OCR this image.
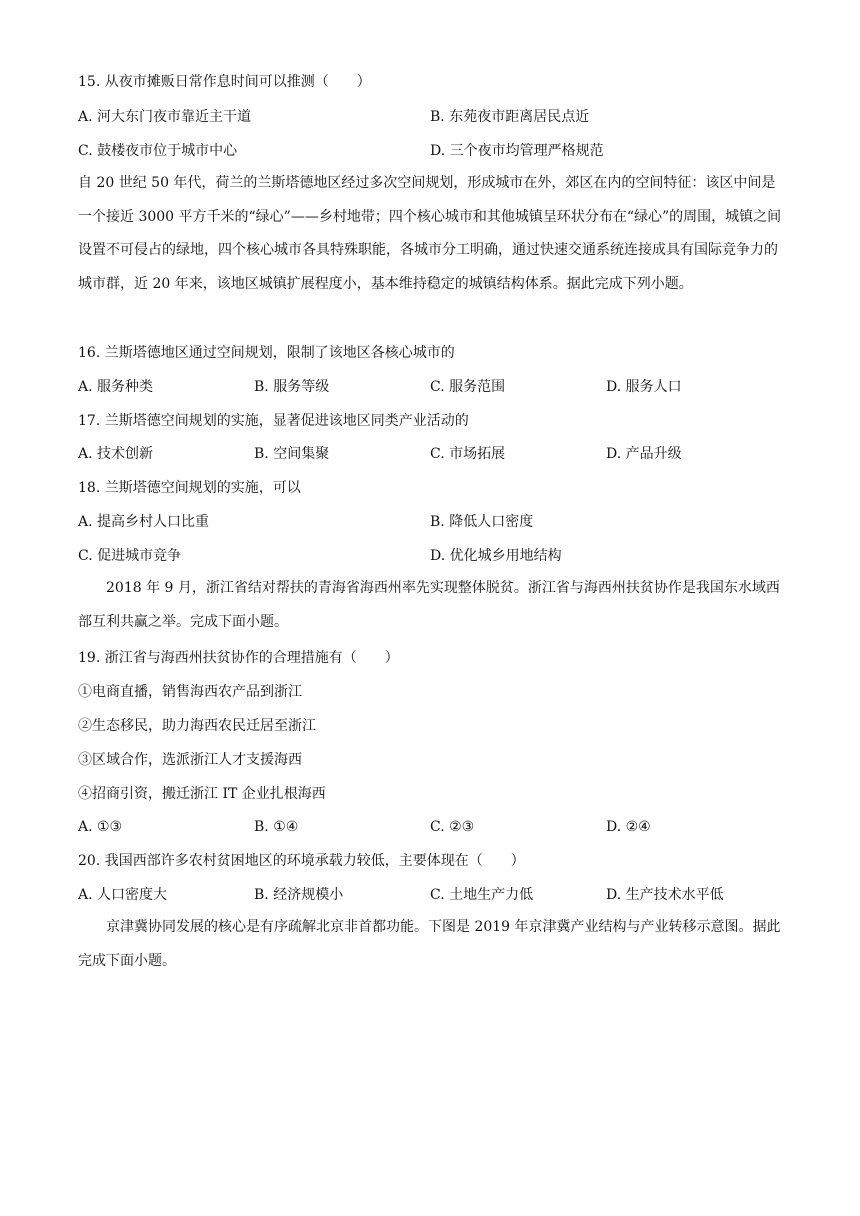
15. 从夜市摊贩日常作息时间可以推测（　　）
A. 河大东门夜市靠近主干道	B. 东苑夜市距离居民点近
C. 鼓楼夜市位于城市中心	D. 三个夜市均管理严格规范
自 20 世纪 50 年代，荷兰的兰斯塔德地区经过多次空间规划，形成城市在外，郊区在内的空间特征：该区中间是一个接近 3000 平方千米的“绿心”——乡村地带；四个核心城市和其他城镇呈环状分布在“绿心”的周围，城镇之间设置不可侵占的绿地，四个核心城市各具特殊职能，各城市分工明确，通过快速交通系统连接成具有国际竞争力的城市群，近 20 年来，该地区城镇扩展程度小，基本维持稳定的城镇结构体系。据此完成下列小题。
16. 兰斯塔德地区通过空间规划，限制了该地区各核心城市的
A. 服务种类	B. 服务等级	C. 服务范围	D. 服务人口
17. 兰斯塔德空间规划的实施，显著促进该地区同类产业活动的
A. 技术创新	B. 空间集聚	C. 市场拓展	D. 产品升级
18. 兰斯塔德空间规划的实施，可以
A. 提高乡村人口比重	B. 降低人口密度
C. 促进城市竞争	D. 优化城乡用地结构
2018 年 9 月，浙江省结对帮扶的青海省海西州率先实现整体脱贫。浙江省与海西州扶贫协作是我国东水域西部互利共赢之举。完成下面小题。
19. 浙江省与海西州扶贫协作的合理措施有（　　）
①电商直播，销售海西农产品到浙江
②生态移民，助力海西农民迁居至浙江
③区域合作，选派浙江人才支援海西
④招商引资，搬迁浙江 IT 企业扎根海西
A. ①③	B. ①④	C. ②③	D. ②④
20. 我国西部许多农村贫困地区的环境承载力较低，主要体现在（　　）
A. 人口密度大	B. 经济规模小	C. 土地生产力低	D. 生产技术水平低
京津冀协同发展的核心是有序疏解北京非首都功能。下图是 2019 年京津冀产业结构与产业转移示意图。据此完成下面小题。
